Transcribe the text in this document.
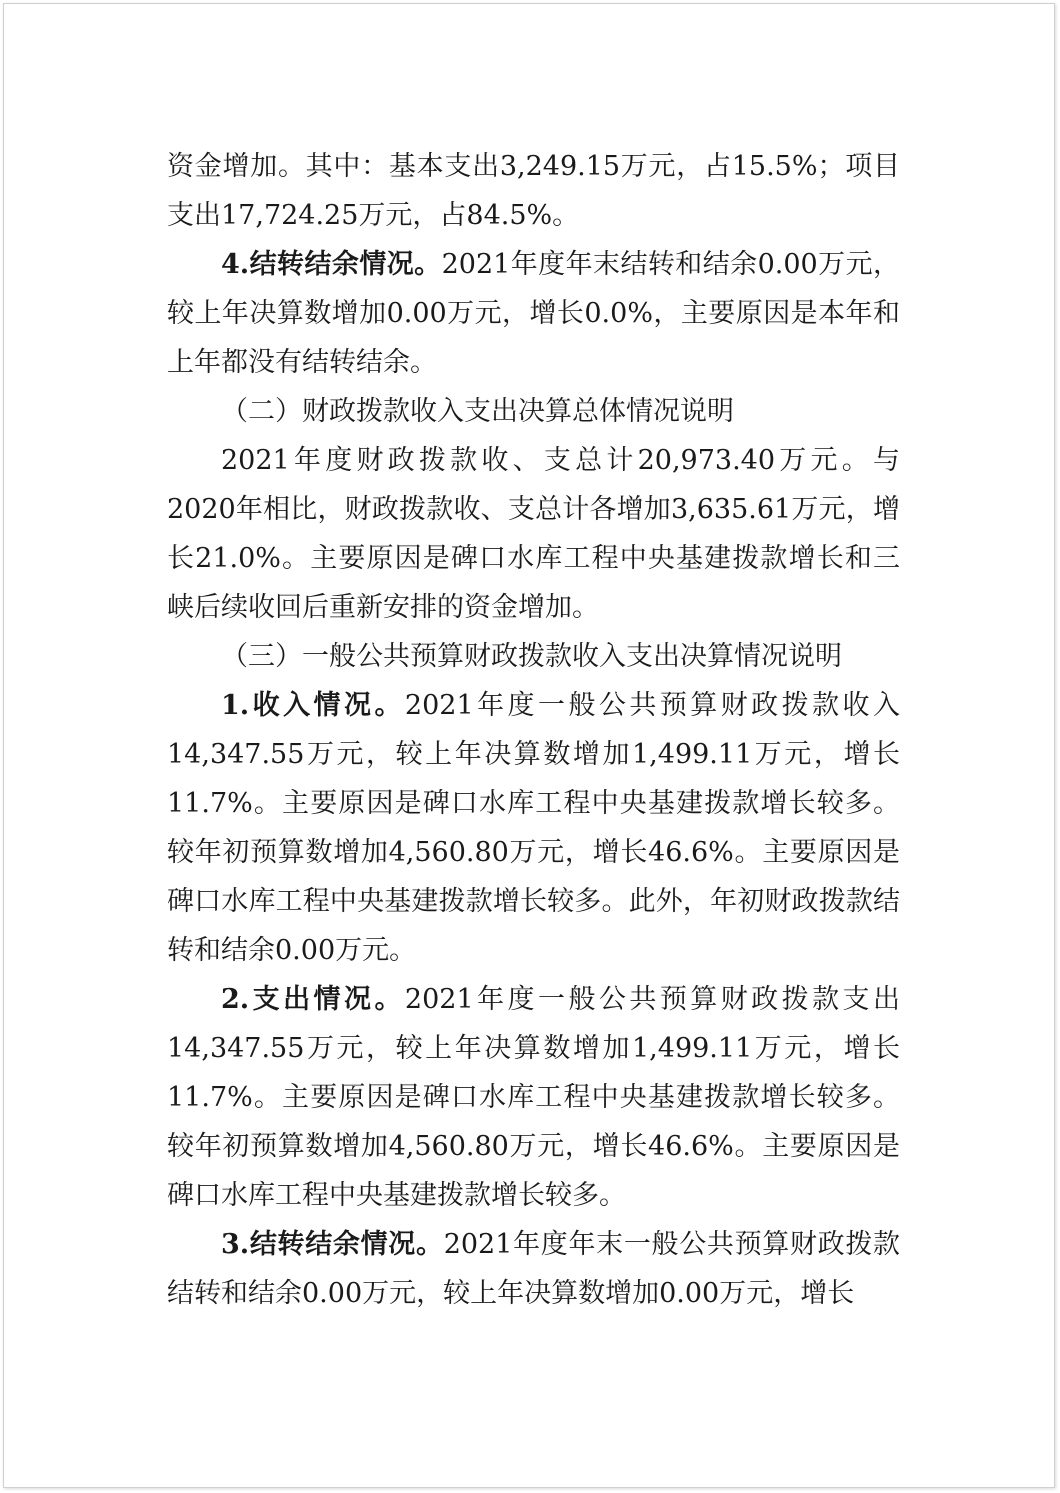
资金增加。其中：基本支出3,249.15万元，占15.5%；项目支出17,724.25万元，占84.5%。

4.结转结余情况。2021年度年末结转和结余0.00万元，较上年决算数增加0.00万元，增长0.0%，主要原因是本年和上年都没有结转结余。

（二）财政拨款收入支出决算总体情况说明

2021年度财政拨款收、支总计20,973.40万元。与2020年相比，财政拨款收、支总计各增加3,635.61万元，增长21.0%。主要原因是碑口水库工程中央基建拨款增长和三峡后续收回后重新安排的资金增加。

（三）一般公共预算财政拨款收入支出决算情况说明

1.收入情况。2021年度一般公共预算财政拨款收入14,347.55万元，较上年决算数增加1,499.11万元，增长11.7%。主要原因是碑口水库工程中央基建拨款增长较多。较年初预算数增加4,560.80万元，增长46.6%。主要原因是碑口水库工程中央基建拨款增长较多。此外，年初财政拨款结转和结余0.00万元。

2.支出情况。2021年度一般公共预算财政拨款支出14,347.55万元，较上年决算数增加1,499.11万元，增长11.7%。主要原因是碑口水库工程中央基建拨款增长较多。较年初预算数增加4,560.80万元，增长46.6%。主要原因是碑口水库工程中央基建拨款增长较多。

3.结转结余情况。2021年度年末一般公共预算财政拨款结转和结余0.00万元，较上年决算数增加0.00万元，增长
